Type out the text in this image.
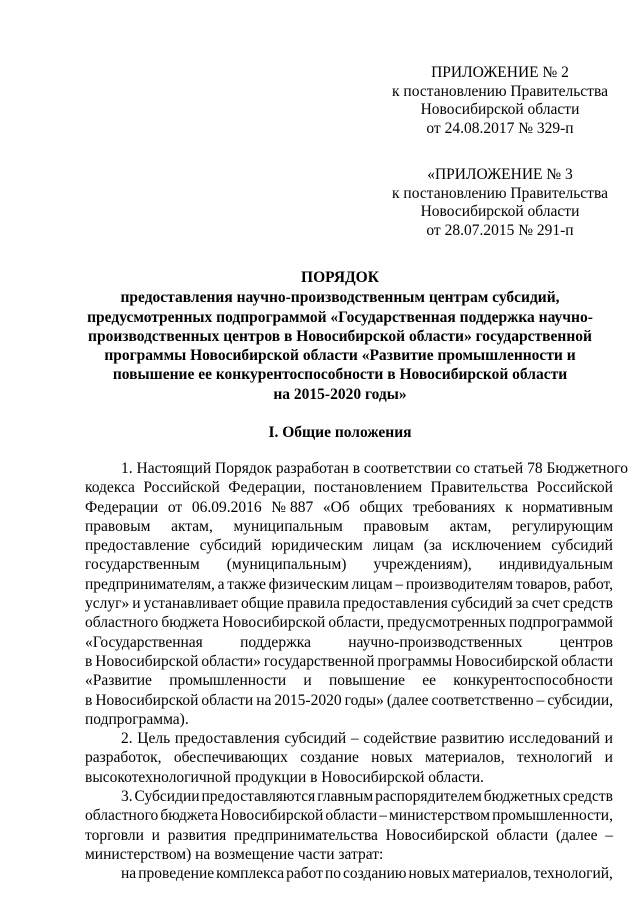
ПРИЛОЖЕНИЕ № 2
к постановлению Правительства
Новосибирской области
от 24.08.2017 № 329-п
«ПРИЛОЖЕНИЕ № 3
к постановлению Правительства
Новосибирской области
от 28.07.2015 № 291-п
ПОРЯДОК
предоставления научно-производственным центрам субсидий,
предусмотренных подпрограммой «Государственная поддержка научно-
производственных центров в Новосибирской области» государственной
программы Новосибирской области «Развитие промышленности и
повышение ее конкурентоспособности в Новосибирской области
на 2015-2020 годы»
I. Общие положения
1. Настоящий Порядок разработан в соответствии со статьей 78 Бюджетного
кодекса Российской Федерации, постановлением Правительства Российской
Федерации от 06.09.2016 № 887 «Об общих требованиях к нормативным
правовым актам, муниципальным правовым актам, регулирующим
предоставление субсидий юридическим лицам (за исключением субсидий
государственным (муниципальным) учреждениям), индивидуальным
предпринимателям, а также физическим лицам – производителям товаров, работ,
услуг» и устанавливает общие правила предоставления субсидий за счет средств
областного бюджета Новосибирской области, предусмотренных подпрограммой
«Государственная поддержка научно-производственных центров
в Новосибирской области» государственной программы Новосибирской области
«Развитие промышленности и повышение ее конкурентоспособности
в Новосибирской области на 2015-2020 годы» (далее соответственно – субсидии,
подпрограмма).
2. Цель предоставления субсидий – содействие развитию исследований и
разработок, обеспечивающих создание новых материалов, технологий и
высокотехнологичной продукции в Новосибирской области.
3. Субсидии предоставляются главным распорядителем бюджетных средств
областного бюджета Новосибирской области – министерством промышленности,
торговли и развития предпринимательства Новосибирской области (далее –
министерством) на возмещение части затрат:
на проведение комплекса работ по созданию новых материалов, технологий,
